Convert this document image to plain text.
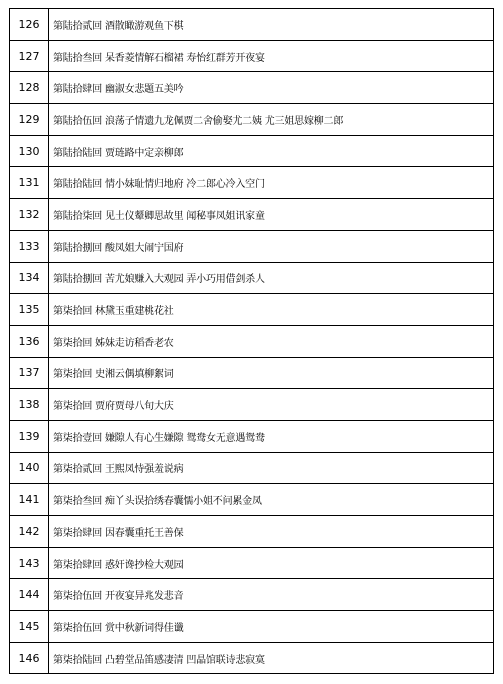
126	第陆拾贰回 酒散瞰游观鱼下棋
127	第陆拾叁回 呆香菱情解石榴裙 寿怡红群芳开夜宴
128	第陆拾肆回 幽淑女悲题五美吟
129	第陆拾伍回 浪荡子情遗九龙佩贾二舍偷娶尤二姨 尤三姐思嫁柳二郎
130	第陆拾陆回 贾琏路中定亲柳郎
131	第陆拾陆回 情小妹耻情归地府 冷二郎心冷入空门
132	第陆拾柒回 见土仪颦卿思故里 闻秘事凤姐讯家童
133	第陆拾捌回 酸凤姐大闹宁国府
134	第陆拾捌回 苦尤娘赚入大观园 弄小巧用借剑杀人
135	第柒拾回 林黛玉重建桃花社
136	第柒拾回 姊妹走访稻香老农
137	第柒拾回 史湘云偶填柳絮词
138	第柒拾回 贾府贾母八旬大庆
139	第柒拾壹回 嫌隙人有心生嫌隙 鸳鸯女无意遇鸳鸯
140	第柒拾贰回 王熙凤恃强羞说病
141	第柒拾叁回 痴丫头误拾绣春囊懦小姐不问累金凤
142	第柒拾肆回 因春囊重托王善保
143	第柒拾肆回 惑奸谗抄检大观园
144	第柒拾伍回 开夜宴异兆发悲音
145	第柒拾伍回 赏中秋新词得佳谶
146	第柒拾陆回 凸碧堂品笛感凄清 凹晶馆联诗悲寂寞
